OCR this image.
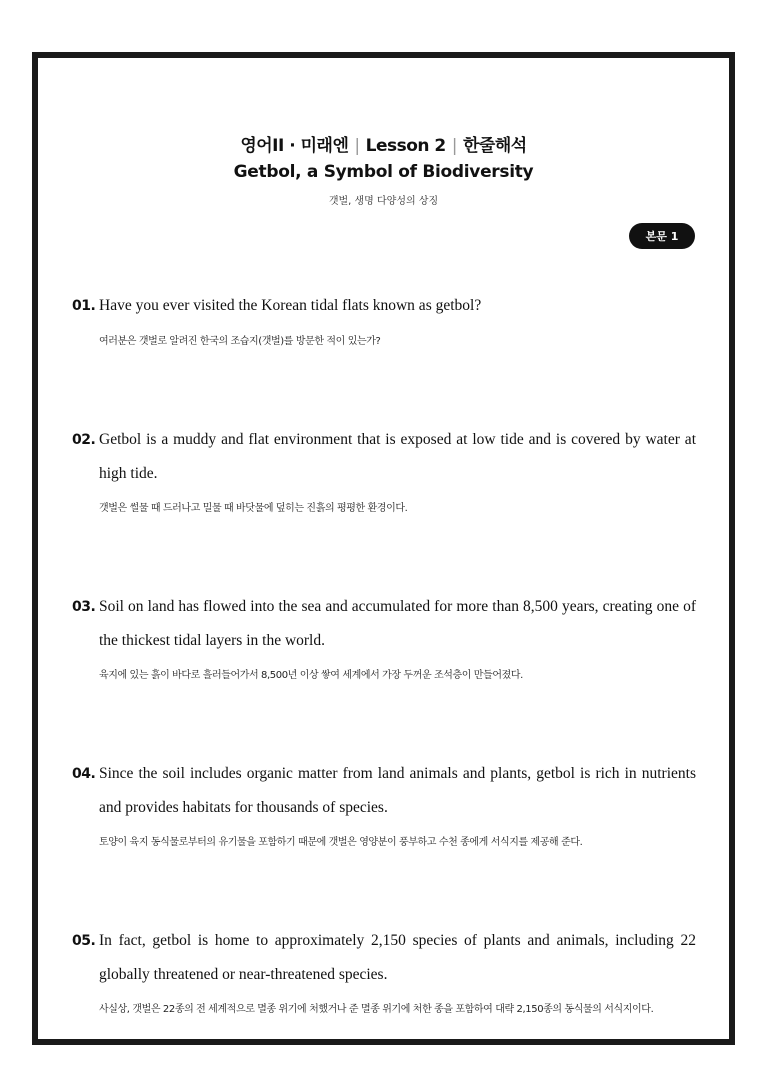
영어II · 미래엔 | Lesson 2 | 한줄해석
Getbol, a Symbol of Biodiversity
갯벌, 생명 다양성의 상징
본문 1
01. Have you ever visited the Korean tidal flats known as getbol?
여러분은 갯벌로 알려진 한국의 조습지(갯벌)를 방문한 적이 있는가?
02. Getbol is a muddy and flat environment that is exposed at low tide and is covered by water at high tide.
갯벌은 썰물 때 드러나고 밀물 때 바닷물에 덮히는 진흙의 평평한 환경이다.
03. Soil on land has flowed into the sea and accumulated for more than 8,500 years, creating one of the thickest tidal layers in the world.
육지에 있는 흙이 바다로 흘러들어가서 8,500년 이상 쌓여 세계에서 가장 두꺼운 조석층이 만들어졌다.
04. Since the soil includes organic matter from land animals and plants, getbol is rich in nutrients and provides habitats for thousands of species.
토양이 육지 동식물로부터의 유기물을 포함하기 때문에 갯벌은 영양분이 풍부하고 수천 종에게 서식지를 제공해 준다.
05. In fact, getbol is home to approximately 2,150 species of plants and animals, including 22 globally threatened or near-threatened species.
사실상, 갯벌은 22종의 전 세계적으로 멸종 위기에 처했거나 준 멸종 위기에 처한 종을 포함하여 대략 2,150종의 동식물의 서식지이다.
